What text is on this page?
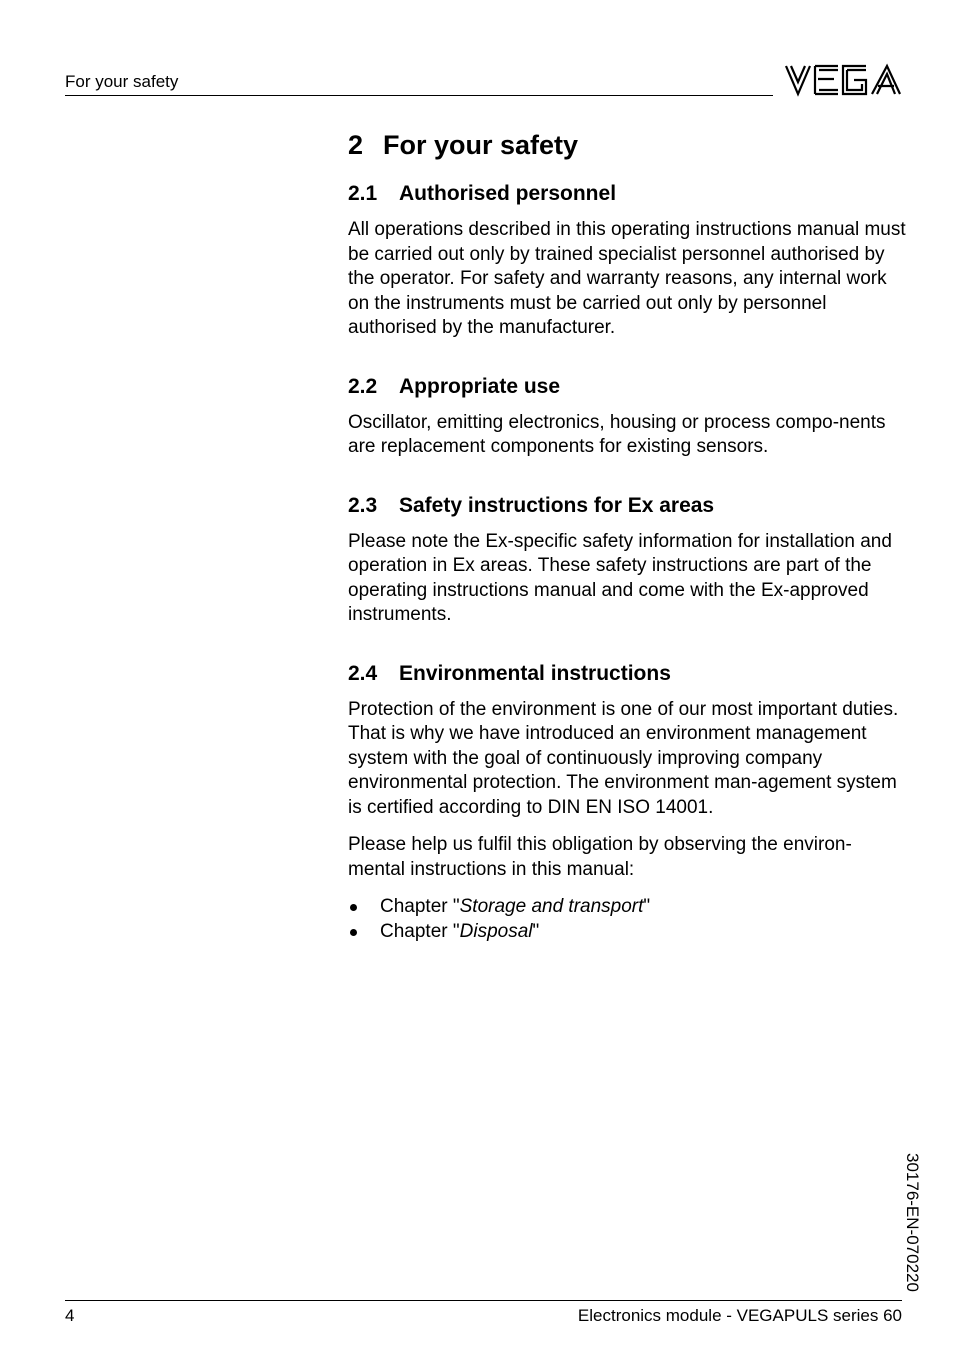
For your safety
2 For your safety
2.1 Authorised personnel

All operations described in this operating instructions manual must be carried out only by trained specialist personnel authorised by the operator. For safety and warranty reasons, any internal work on the instruments must be carried out only by personnel authorised by the manufacturer.

2.2 Appropriate use

Oscillator, emitting electronics, housing or process compo-nents are replacement components for existing sensors.

2.3 Safety instructions for Ex areas

Please note the Ex-specific safety information for installation and operation in Ex areas. These safety instructions are part of the operating instructions manual and come with the Ex-approved instruments.

2.4 Environmental instructions

Protection of the environment is one of our most important duties. That is why we have introduced an environment management system with the goal of continuously improving company environmental protection. The environment man-agement system is certified according to DIN EN ISO 14001.

Please help us fulfil this obligation by observing the environ-mental instructions in this manual:

Chapter "Storage and transport"
Chapter "Disposal"
30176-EN-070220
4	Electronics module - VEGAPULS series 60
